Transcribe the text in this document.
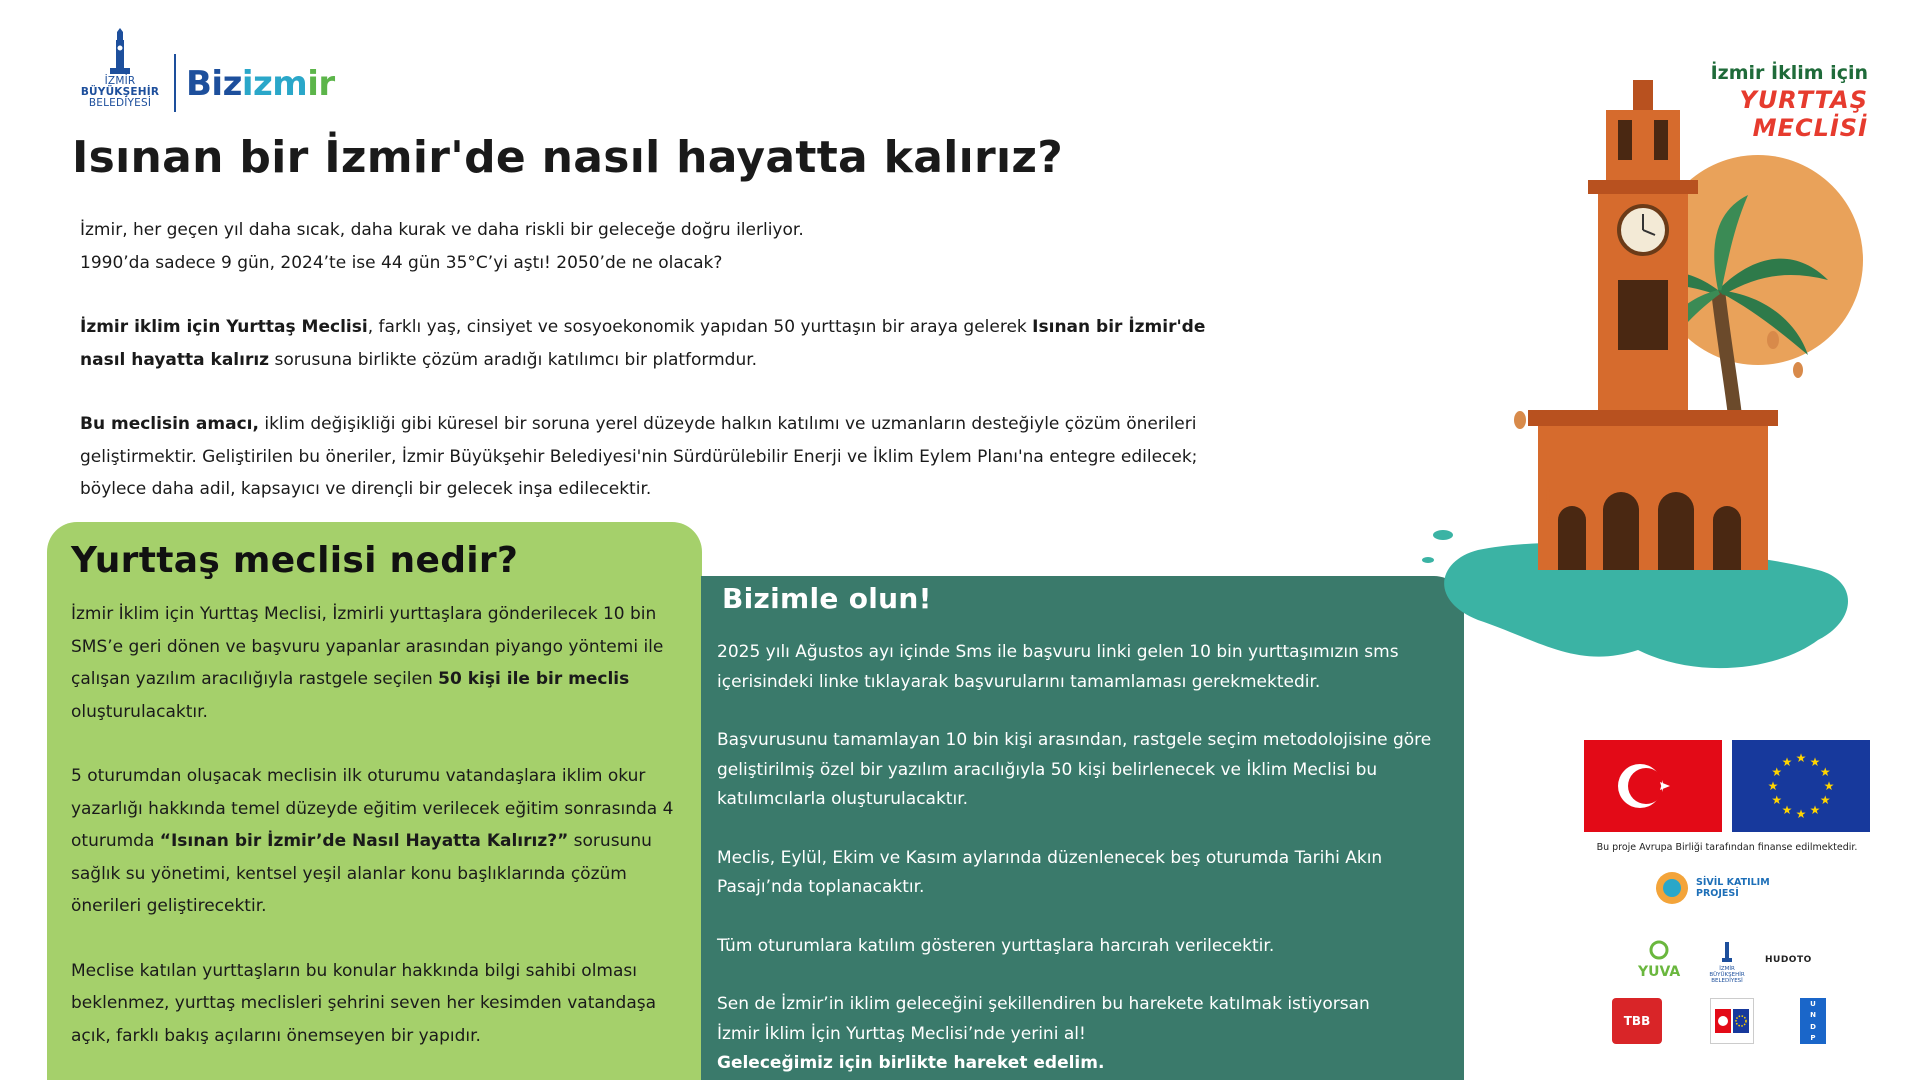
İZMİR
BÜYÜKŞEHİR
BELEDİYESİ	Bizizmir
Isınan bir İzmir'de nasıl hayatta kalırız?

İzmir, her geçen yıl daha sıcak, daha kurak ve daha riskli bir geleceğe doğru ilerliyor.
1990’da sadece 9 gün, 2024’te ise 44 gün 35°C’yi aştı! 2050’de ne olacak?

İzmir iklim için Yurttaş Meclisi, farklı yaş, cinsiyet ve sosyoekonomik yapıdan 50 yurttaşın bir araya gelerek Isınan bir İzmir'de nasıl hayatta kalırız sorusuna birlikte çözüm aradığı katılımcı bir platformdur.

Bu meclisin amacı, iklim değişikliği gibi küresel bir soruna yerel düzeyde halkın katılımı ve uzmanların desteğiyle çözüm önerileri geliştirmektir. Geliştirilen bu öneriler, İzmir Büyükşehir Belediyesi'nin Sürdürülebilir Enerji ve İklim Eylem Planı'na entegre edilecek; böylece daha adil, kapsayıcı ve dirençli bir gelecek inşa edilecektir.

Yurttaş meclisi nedir?

İzmir İklim için Yurttaş Meclisi, İzmirli yurttaşlara gönderilecek 10 bin SMS’e geri dönen ve başvuru yapanlar arasından piyango yöntemi ile çalışan yazılım aracılığıyla rastgele seçilen 50 kişi ile bir meclis oluşturulacaktır.

5 oturumdan oluşacak meclisin ilk oturumu vatandaşlara iklim okur yazarlığı hakkında temel düzeyde eğitim verilecek eğitim sonrasında 4 oturumda “Isınan bir İzmir’de Nasıl Hayatta Kalırız?” sorusunu sağlık su yönetimi, kentsel yeşil alanlar konu başlıklarında çözüm önerileri geliştirecektir.

Meclise katılan yurttaşların bu konular hakkında bilgi sahibi olması beklenmez, yurttaş meclisleri şehrini seven her kesimden vatandaşa açık, farklı bakış açılarını önemseyen bir yapıdır.

Bizimle olun!

2025 yılı Ağustos ayı içinde Sms ile başvuru linki gelen 10 bin yurttaşımızın sms içerisindeki linke tıklayarak başvurularını tamamlaması gerekmektedir.

Başvurusunu tamamlayan 10 bin kişi arasından, rastgele seçim metodolojisine göre geliştirilmiş özel bir yazılım aracılığıyla 50 kişi belirlenecek ve İklim Meclisi bu katılımcılarla oluşturulacaktır.

Meclis, Eylül, Ekim ve Kasım aylarında düzenlenecek beş oturumda Tarihi Akın Pasajı’nda toplanacaktır.

Tüm oturumlara katılım gösteren yurttaşlara harcırah verilecektir.

Sen de İzmir’in iklim geleceğini şekillendiren bu harekete katılmak istiyorsan
İzmir İklim İçin Yurttaş Meclisi’nde yerini al!
Geleceğimiz için birlikte hareket edelim.

İzmir İklim için
YURTTAŞ MECLİSİ
★
★
★
★
★
★
★
★
★ ★ ★
★
Bu proje Avrupa Birliği tarafından finanse edilmektedir.
SİVİL KATILIM
PROJESİ
YUVA	İZMİR
BÜYÜKŞEHİR
BELEDİYESİ
HUDOTO
TBB
U
N
D
P
